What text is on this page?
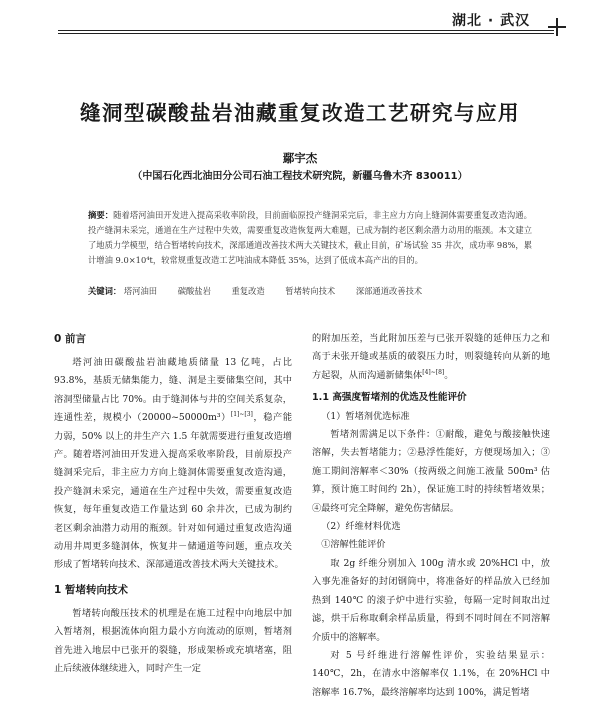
湖北 · 武汉
缝洞型碳酸盐岩油藏重复改造工艺研究与应用
鄢宇杰
（中国石化西北油田分公司石油工程技术研究院，新疆乌鲁木齐 830011）
摘要：随着塔河油田开发进入提高采收率阶段，目前面临原投产缝洞采完后，非主应力方向上缝洞体需要重复改造沟通。投产缝洞未采完，通道在生产过程中失效，需要重复改造恢复两大难题，已成为制约老区剩余潜力动用的瓶颈。本文建立了地质力学模型，结合暂堵转向技术，深部通道改善技术两大关键技术，截止目前，矿场试验 35 井次，成功率 98%，累计增油 9.0×10⁴t，较常规重复改造工艺吨油成本降低 35%，达到了低成本高产出的目的。
关键词： 塔河油田 碳酸盐岩 重复改造 暂堵转向技术 深部通道改善技术
0 前言

塔河油田碳酸盐岩油藏地质储量 13 亿吨，占比 93.8%，基质无储集能力，缝、洞是主要储集空间，其中溶洞型储量占比 70%。由于缝洞体与井的空间关系复杂，连通性差，规模小（20000~50000m³）[1]~[3]，稳产能力弱，50% 以上的井生产六 1.5 年就需要进行重复改造增产。随着塔河油田开发进入提高采收率阶段，目前原投产缝洞采完后，非主应力方向上缝洞体需要重复改造沟通，投产缝洞未采完，通道在生产过程中失效，需要重复改造恢复，每年重复改造工作量达到 60 余井次，已成为制约老区剩余油潜力动用的瓶颈。针对如何通过重复改造沟通动用井周更多缝洞体，恢复井－储通道等问题，重点攻关形成了暂堵转向技术、深部通道改善技术两大关键技术。

1 暂堵转向技术

暂堵转向酸压技术的机理是在施工过程中向地层中加入暂堵剂，根据流体向阻力最小方向流动的原则，暂堵剂首先进入地层中已张开的裂缝，形成架桥或充填堵塞，阻止后续液体继续进入，同时产生一定

的附加压差，当此附加压差与已张开裂缝的延伸压力之和高于未张开缝或基质的破裂压力时，则裂缝转向从新的地方起裂，从而沟通新储集体[4]~[8]。

1.1 高强度暂堵剂的优选及性能评价

（1）暂堵剂优选标准

暂堵剂需满足以下条件：①耐酸，避免与酸接触快速溶解，失去暂堵能力；②悬浮性能好，方便现场加入；③施工期间溶解率＜30%（按两级之间施工液量 500m³ 估算，预计施工时间约 2h），保证施工时的持续暂堵效果；④最终可完全降解，避免伤害储层。

（2）纤维材料优选

①溶解性能评价

取 2g 纤维分别加入 100g 清水或 20%HCl 中，放入事先准备好的封闭钢筒中，将准备好的样品放入已经加热到 140℃ 的滚子炉中进行实验，每隔一定时间取出过滤，烘干后称取剩余样品质量，得到不同时间在不同溶解介质中的溶解率。

对 5 号纤维进行溶解性评价，实验结果显示：140℃，2h，在清水中溶解率仅 1.1%，在 20%HCl 中溶解率 16.7%，最终溶解率均达到 100%，满足暂堵
